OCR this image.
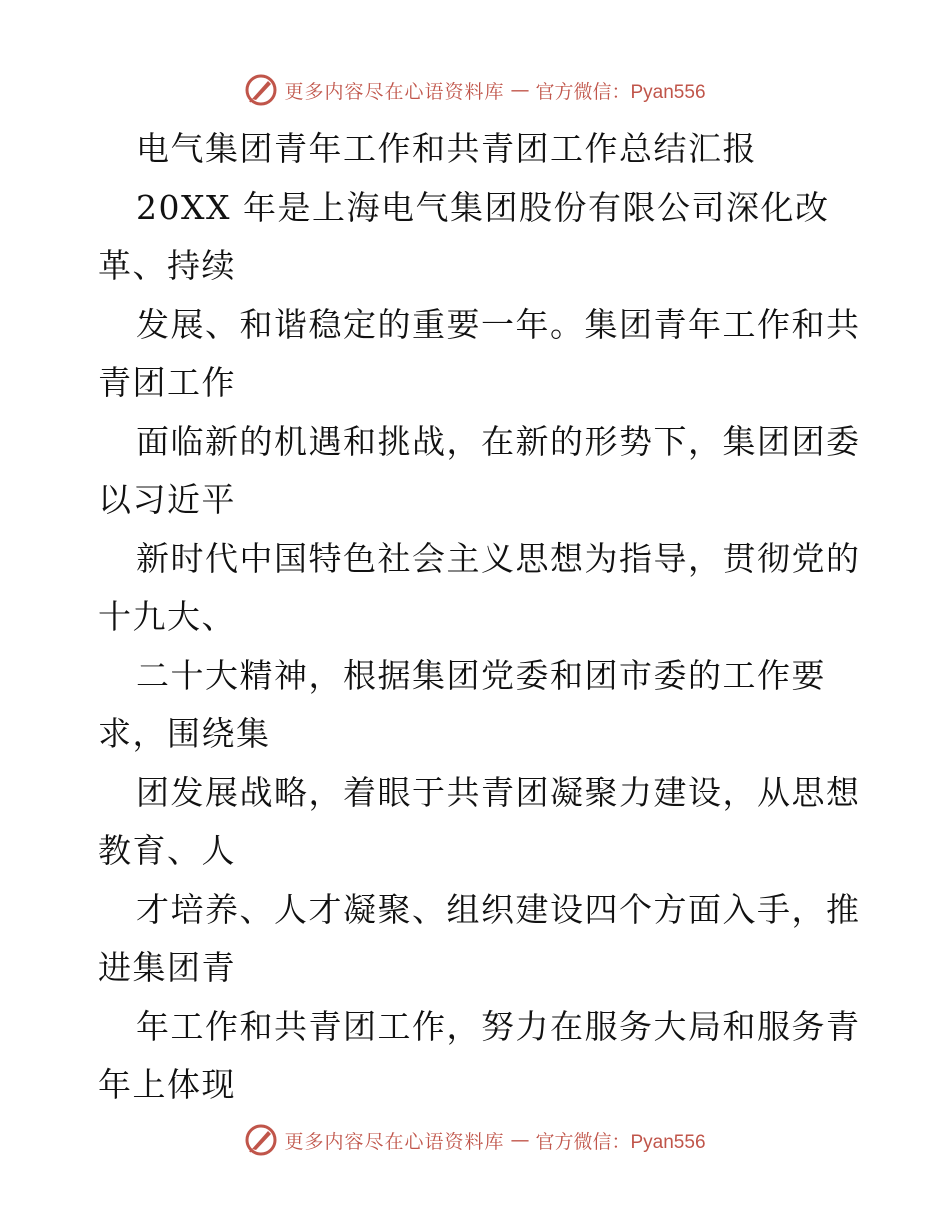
更多内容尽在心语资料库 — 官方微信：Pyan556
电气集团青年工作和共青团工作总结汇报
20XX 年是上海电气集团股份有限公司深化改
革、持续
发展、和谐稳定的重要一年。集团青年工作和共
青团工作
面临新的机遇和挑战，在新的形势下，集团团委
以习近平
新时代中国特色社会主义思想为指导，贯彻党的
十九大、
二十大精神，根据集团党委和团市委的工作要
求，围绕集
团发展战略，着眼于共青团凝聚力建设，从思想
教育、人
才培养、人才凝聚、组织建设四个方面入手，推
进集团青
年工作和共青团工作，努力在服务大局和服务青
年上体现
更多内容尽在心语资料库 — 官方微信：Pyan556
